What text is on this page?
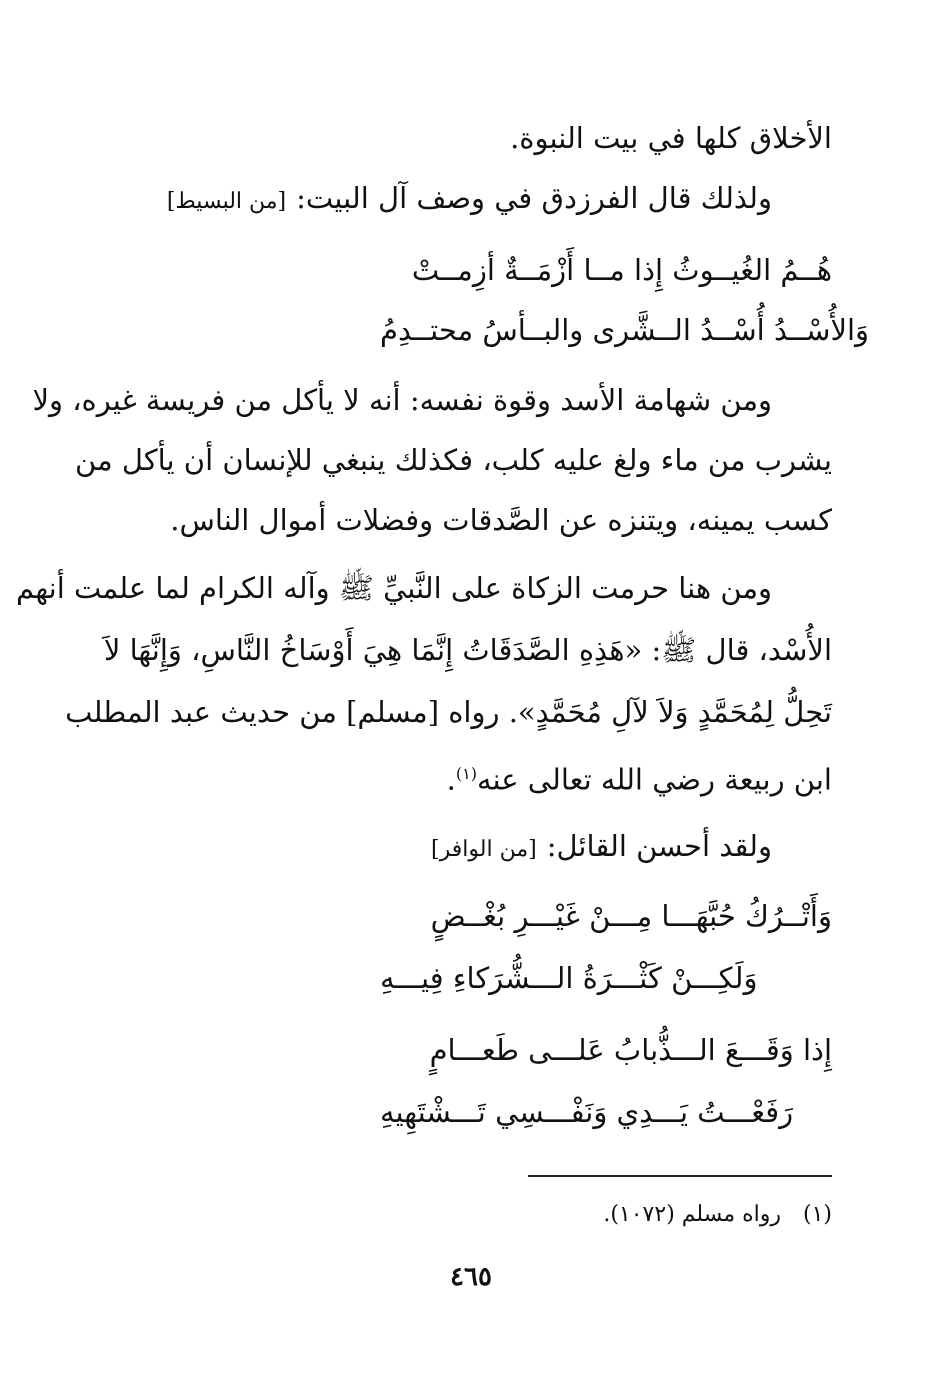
الأخلاق كلها في بيت النبوة.
ولذلك قال الفرزدق في وصف آل البيت:[من البسيط]
هُــمُ الغُيــوثُ إِذا مــا أَزْمَــةٌ أزِمــتْ
وَالأُسْــدُ أُسْــدُ الــشَّرى والبــأسُ محتــدِمُ
ومن شهامة الأسد وقوة نفسه: أنه لا يأكل من فريسة غيره، ولا
يشرب من ماء ولغ عليه كلب، فكذلك ينبغي للإنسان أن يأكل من
كسب يمينه، ويتنزه عن الصَّدقات وفضلات أموال الناس.
ومن هنا حرمت الزكاة على النَّبيِّ ﷺ وآله الكرام لما علمت أنهم
الأُسْد، قال ﷺ: «هَذِهِ الصَّدَقَاتُ إِنَّمَا هِيَ أَوْسَاخُ النَّاسِ، وَإِنَّهَا لاَ
تَحِلُّ لِمُحَمَّدٍ وَلاَ لآلِ مُحَمَّدٍ». رواه [مسلم] من حديث عبد المطلب
ابن ربيعة رضي الله تعالى عنه$^{(١)}$.
ولقد أحسن القائل:[من الوافر]
وَأَتْــرُكُ حُبَّهَـــا مِـــنْ غَيْـــرِ بُغْــضٍ
وَلَكِـــنْ كَثْـــرَةُ الـــشُّرَكاءِ فِيـــهِ
إِذا وَقَـــعَ الـــذُّبابُ عَلـــى طَعـــامٍ
رَفَعْـــتُ يَـــدِي وَنَفْـــسِي تَـــشْتَهِيهِ
(١)رواه مسلم (١٠٧٢).
٤٦٥
